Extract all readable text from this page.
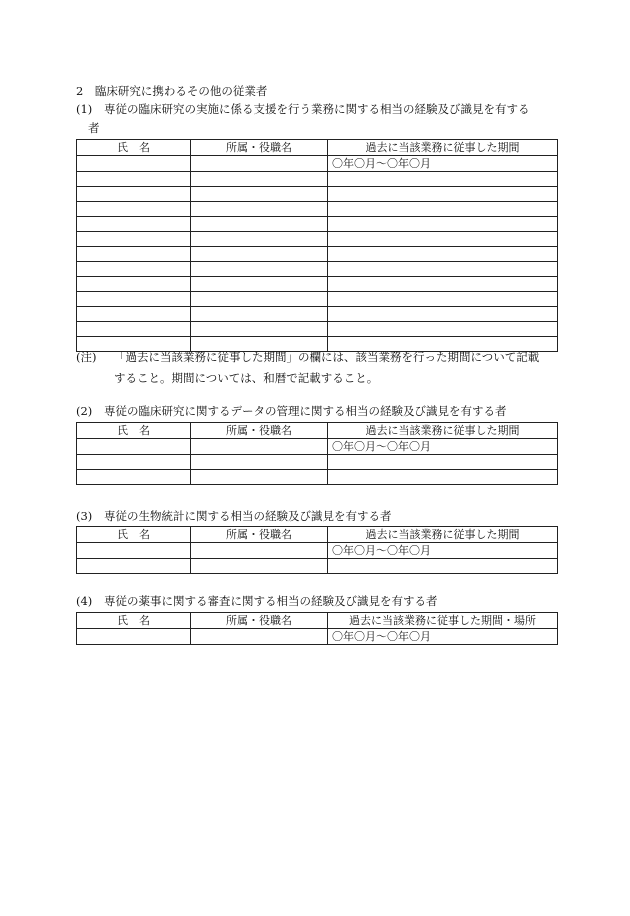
2　臨床研究に携わるその他の従業者
(1) 専従の臨床研究の実施に係る支援を行う業務に関する相当の経験及び識見を有する
者
氏　名	所属・役職名	過去に当該業務に従事した期間
		〇年〇月～〇年〇月

(注) 「過去に当該業務に従事した期間」の欄には、該当業務を行った期間について記載
すること。期間については、和暦で記載すること。
(2) 専従の臨床研究に関するデータの管理に関する相当の経験及び識見を有する者
氏　名	所属・役職名	過去に当該業務に従事した期間
		〇年〇月～〇年〇月

(3) 専従の生物統計に関する相当の経験及び識見を有する者
氏　名	所属・役職名	過去に当該業務に従事した期間
		〇年〇月～〇年〇月

(4) 専従の薬事に関する審査に関する相当の経験及び識見を有する者
氏　名	所属・役職名	過去に当該業務に従事した期間・場所
		〇年〇月～〇年〇月
